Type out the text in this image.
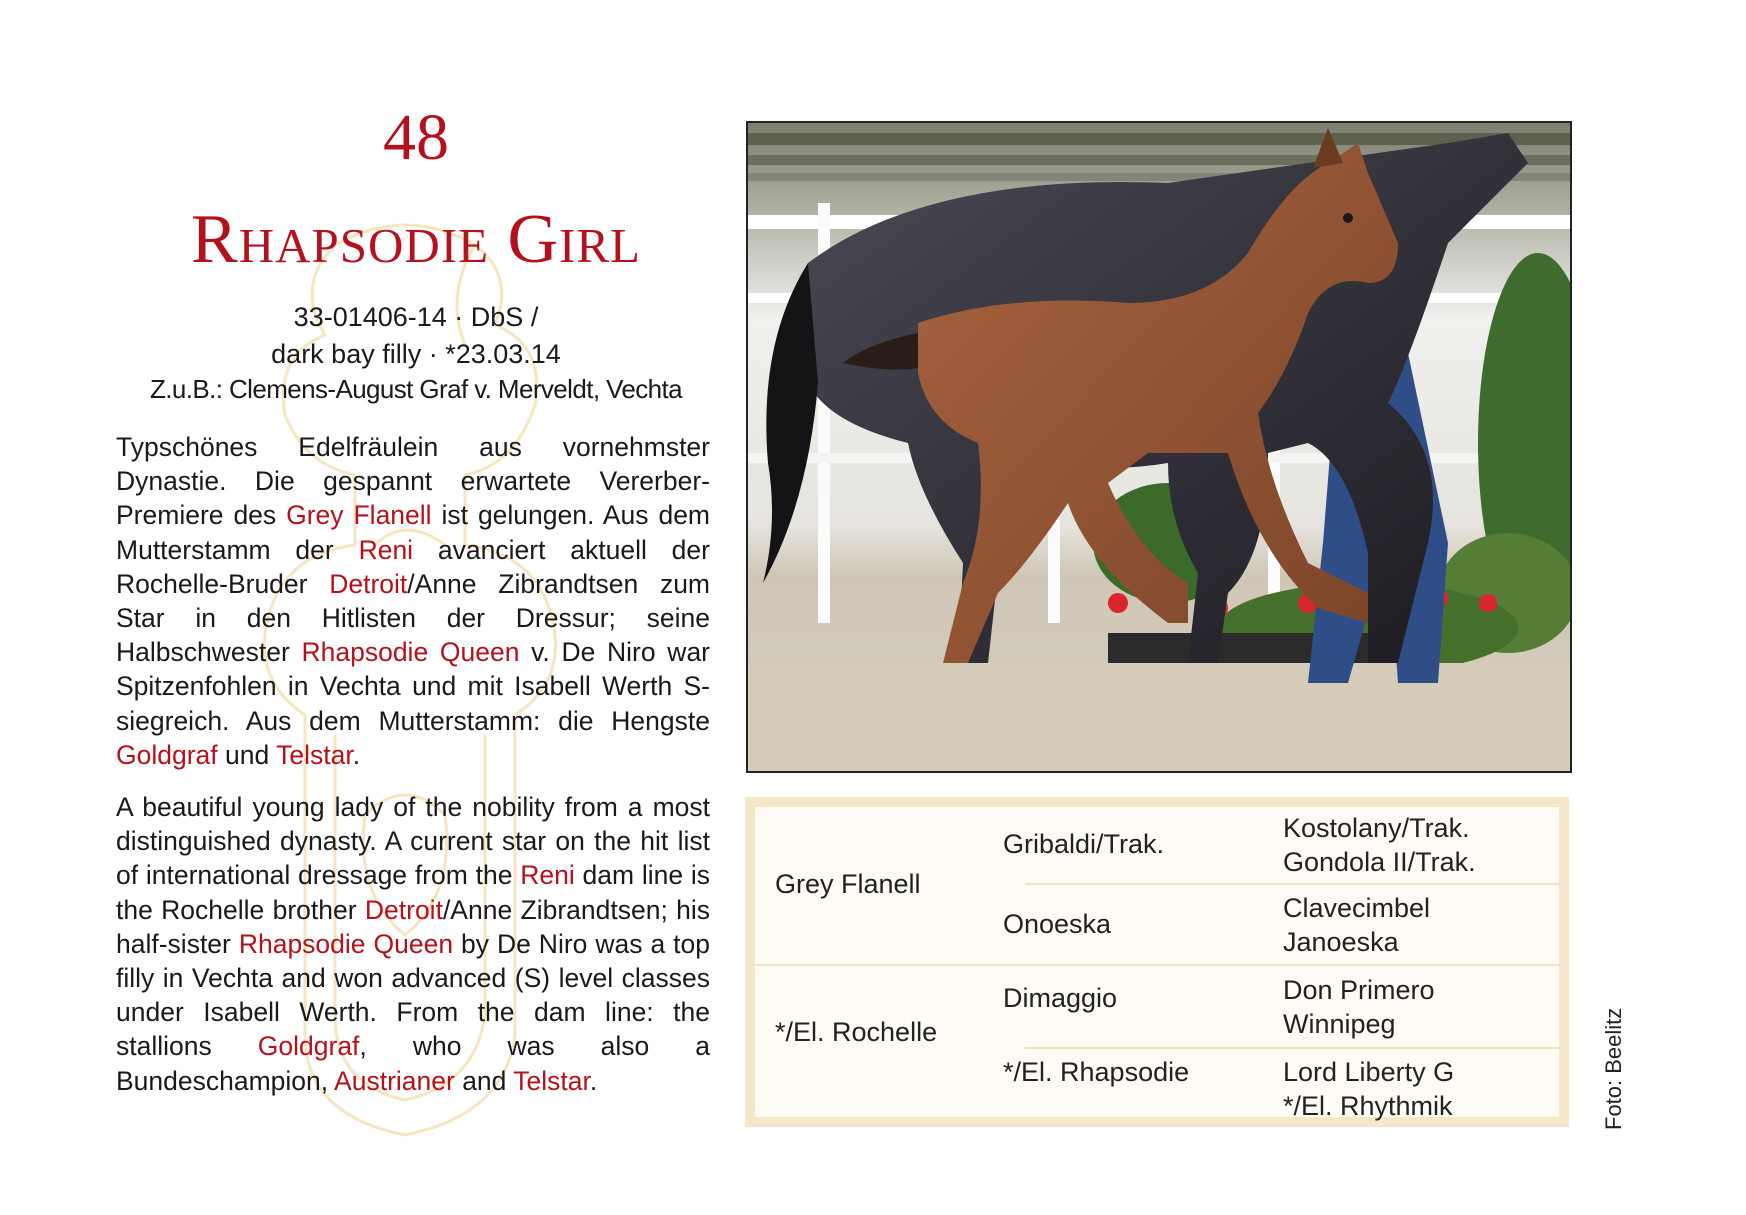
48
Rhapsodie Girl
33-01406-14 · DbS /
dark bay filly · *23.03.14
Z.u.B.: Clemens-August Graf v. Merveldt, Vechta
Typschönes Edelfräulein aus vornehmster Dynastie. Die gespannt erwartete Vererber-Premiere des Grey Flanell ist gelungen. Aus dem Mutterstamm der Reni avanciert aktuell der Rochelle-Bruder Detroit/Anne Zibrandtsen zum Star in den Hitlisten der Dressur; seine Halbschwester Rhapsodie Queen v. De Niro war Spitzenfohlen in Vechta und mit Isabell Werth S-siegreich. Aus dem Mutterstamm: die Hengste Goldgraf und Telstar.
A beautiful young lady of the nobility from a most distinguished dynasty. A current star on the hit list of international dressage from the Reni dam line is the Rochelle brother Detroit/Anne Zibrandtsen; his half-sister Rhapsodie Queen by De Niro was a top filly in Vechta and won advanced (S) level classes under Isabell Werth. From the dam line: the stallions Goldgraf, who was also a Bundeschampion, Austrianer and Telstar.
Grey Flanell
*/El. Rochelle
Gribaldi/Trak.
Onoeska
Dimaggio
*/El. Rhapsodie
Kostolany/Trak.
Gondola II/Trak.
Clavecimbel
Janoeska
Don Primero
Winnipeg
Lord Liberty G
*/El. Rhythmik	Foto: Beelitz
